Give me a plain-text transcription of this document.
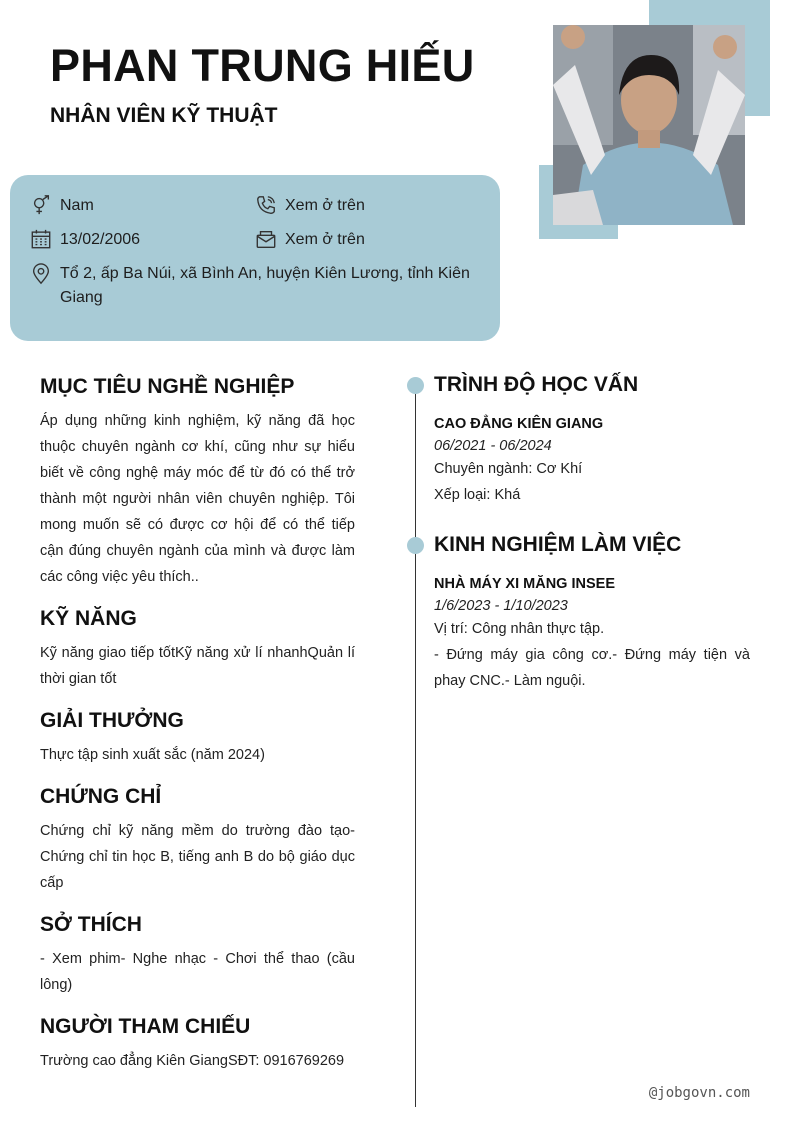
PHAN TRUNG HIẾU
NHÂN VIÊN KỸ THUẬT
Nam	Xem ở trên
13/02/2006	Xem ở trên
Tổ 2, ấp Ba Núi, xã Bình An, huyện Kiên Lương, tỉnh Kiên Giang
MỤC TIÊU NGHỀ NGHIỆP

Áp dụng những kinh nghiệm, kỹ năng đã học thuộc chuyên ngành cơ khí, cũng như sự hiểu biết về công nghệ máy móc để từ đó có thể trở thành một người nhân viên chuyên nghiệp. Tôi mong muốn sẽ có được cơ hội để có thể tiếp cận đúng chuyên ngành của mình và được làm các công việc yêu thích..

KỸ NĂNG

Kỹ năng giao tiếp tốtKỹ năng xử lí nhanhQuản lí thời gian tốt

GIẢI THƯỞNG

Thực tập sinh xuất sắc (năm 2024)

CHỨNG CHỈ

Chứng chỉ kỹ năng mềm do trường đào tạo-Chứng chỉ tin học B, tiếng anh B do bộ giáo dục cấp

SỞ THÍCH

- Xem phim- Nghe nhạc - Chơi thể thao (cầu lông)

NGƯỜI THAM CHIẾU

Trường cao đẳng Kiên GiangSĐT: 0916769269

TRÌNH ĐỘ HỌC VẤN
CAO ĐẲNG KIÊN GIANG
06/2021 - 06/2024
Chuyên ngành: Cơ Khí
Xếp loại: Khá
KINH NGHIỆM LÀM VIỆC
NHÀ MÁY XI MĂNG INSEE
1/6/2023 - 1/10/2023
Vị trí: Công nhân thực tập.
- Đứng máy gia công cơ.- Đứng máy tiện và phay CNC.- Làm nguội.
@jobgovn.com
